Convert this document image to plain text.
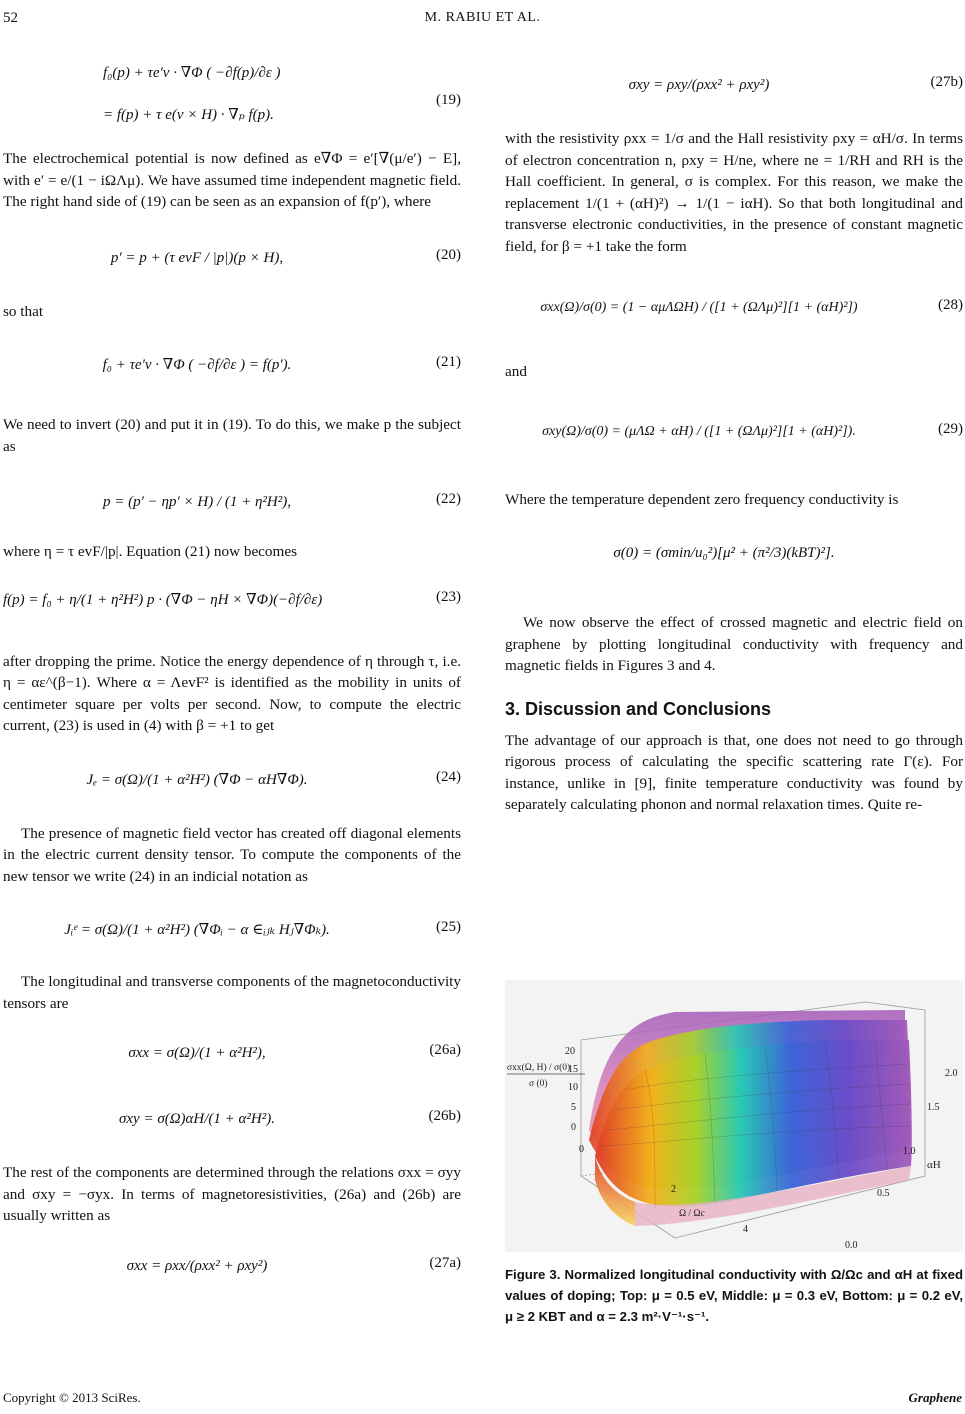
52	M. RABIU ET AL.
f₀(p) + τe′v · ∇Φ ( −∂f(p)/∂ε )
= f(p) + τ e(v × H) · ∇ₚ f(p).
(19)

The electrochemical potential is now defined as e∇Φ = e′[∇(μ/e′) − E], with e′ = e/(1 − iΩΛμ). We have assumed time independent magnetic field. The right hand side of (19) can be seen as an expansion of f(p′), where

p′ = p + (τ evF / |p|)(p × H),	(20)

so that

f₀ + τe′v · ∇Φ ( −∂f/∂ε ) = f(p′).	(21)

We need to invert (20) and put it in (19). To do this, we make p the subject as

p = (p′ − ηp′ × H) / (1 + η²H²),	(22)

where η = τ evF/|p|. Equation (21) now becomes

f(p) = f₀ + η/(1 + η²H²) p · (∇Φ − ηH × ∇Φ)(−∂f/∂ε)	(23)

after dropping the prime. Notice the energy dependence of η through τ, i.e. η = αε^(β−1). Where α = ΛevF² is identified as the mobility in units of centimeter square per volts per second. Now, to compute the electric current, (23) is used in (4) with β = +1 to get

Jₑ = σ(Ω)/(1 + α²H²) (∇Φ − αH∇Φ).	(24)

The presence of magnetic field vector has created off diagonal elements in the electric current density tensor. To compute the components of the new tensor we write (24) in an indicial notation as

Jᵢᵉ = σ(Ω)/(1 + α²H²) (∇Φᵢ − α ∈ᵢⱼₖ Hⱼ∇Φₖ).	(25)

The longitudinal and transverse components of the magnetoconductivity tensors are

σxx = σ(Ω)/(1 + α²H²),	(26a)
σxy = σ(Ω)αH/(1 + α²H²).	(26b)

The rest of the components are determined through the relations σxx = σyy and σxy = −σyx. In terms of magnetoresistivities, (26a) and (26b) are usually written as

σxx = ρxx/(ρxx² + ρxy²)	(27a)
σxy = ρxy/(ρxx² + ρxy²)	(27b)

with the resistivity ρxx = 1/σ and the Hall resistivity ρxy = αH/σ. In terms of electron concentration n, ρxy = H/ne, where ne = 1/RH and RH is the Hall coefficient. In general, σ is complex. For this reason, we make the replacement 1/(1 + (αH)²) → 1/(1 − iαH). So that both longitudinal and transverse electronic conductivities, in the presence of constant magnetic field, for β = +1 take the form

σxx(Ω)/σ(0) = (1 − αμΛΩH) / ([1 + (ΩΛμ)²][1 + (αH)²])	(28)

and

σxy(Ω)/σ(0) = (μΛΩ + αH) / ([1 + (ΩΛμ)²][1 + (αH)²]).	(29)

Where the temperature dependent zero frequency conductivity is

σ(0) = (σmin/u₀²)[μ² + (π²/3)(kBT)²].

We now observe the effect of crossed magnetic and electric field on graphene by plotting longitudinal conductivity with frequency and magnetic fields in Figures 3 and 4.

3. Discussion and Conclusions

The advantage of our approach is that, one does not need to go through rigorous process of calculating the specific scattering rate Γ(ε). For instance, unlike in [9], finite temperature conductivity was found by separately calculating phonon and normal relaxation times. Quite re-

σxx(Ω, H) / σ(0)
σ (0)
20
15
10
5
0
0
2
4
Ω / Ωc
0.0
0.5
1.0
1.5
2.0
αH
Figure 3. Normalized longitudinal conductivity with Ω/Ωc and αH at fixed values of doping; Top: μ = 0.5 eV, Middle: μ = 0.3 eV, Bottom: μ = 0.2 eV, μ ≥ 2 KBT and α = 2.3 m²·V⁻¹·s⁻¹.
Copyright © 2013 SciRes.	Graphene
